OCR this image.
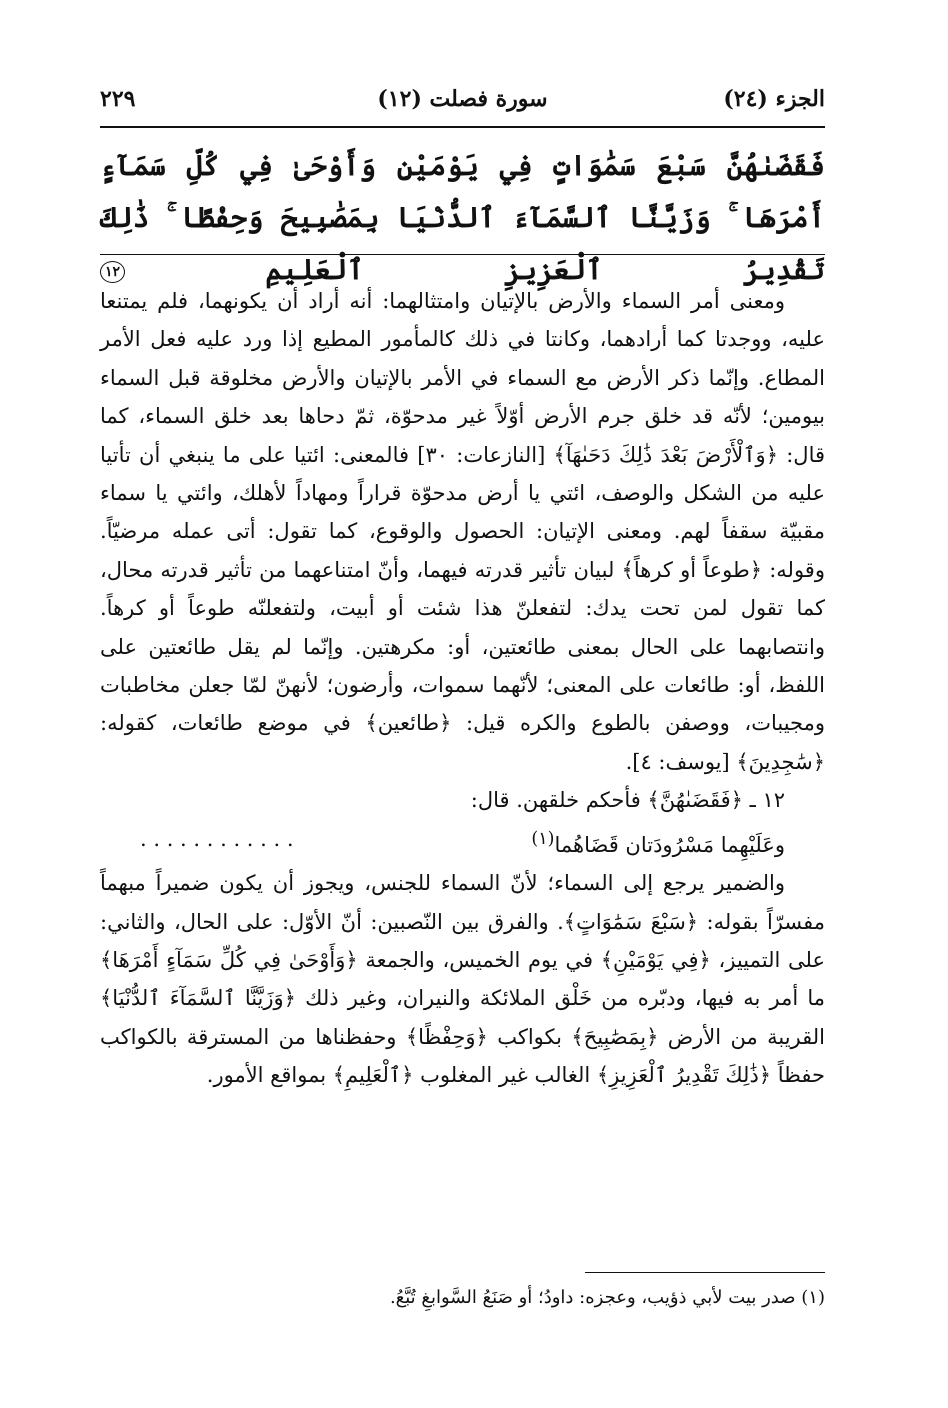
الجزء (٢٤)
سورة فصلت (١٢)
٢٢٩
فَقَضَىٰهُنَّ سَبْعَ سَمَٰوَاتٍ فِي يَوْمَيْنِ وَأَوْحَىٰ فِي كُلِّ سَمَآءٍ أَمْرَهَا ۚ وَزَيَّنَّا ٱلسَّمَآءَ ٱلدُّنْيَا بِمَصَٰبِيحَ وَحِفْظًا ۚ ذَٰلِكَ تَقْدِيرُ ٱلْعَزِيزِ ٱلْعَلِيمِ ١٢

ومعنى أمر السماء والأرض بالإتيان وامتثالهما: أنه أراد أن يكونهما، فلم يمتنعا عليه، ووجدتا كما أرادهما، وكانتا في ذلك كالمأمور المطيع إذا ورد عليه فعل الأمر المطاع. وإنّما ذكر الأرض مع السماء في الأمر بالإتيان والأرض مخلوقة قبل السماء بيومين؛ لأنّه قد خلق جرم الأرض أوّلاً غير مدحوّة، ثمّ دحاها بعد خلق السماء، كما قال: ﴿وَٱلْأَرْضَ بَعْدَ ذَٰلِكَ دَحَىٰهَآ﴾ [النازعات: ٣٠] فالمعنى: ائتيا على ما ينبغي أن تأتيا عليه من الشكل والوصف، ائتي يا أرض مدحوّة قراراً ومهاداً لأهلك، وائتي يا سماء مقبيّة سقفاً لهم. ومعنى الإتيان: الحصول والوقوع، كما تقول: أتى عمله مرضيّاً. وقوله: ﴿طوعاً أو كرهاً﴾ لبيان تأثير قدرته فيهما، وأنّ امتناعهما من تأثير قدرته محال، كما تقول لمن تحت يدك: لتفعلنّ هذا شئت أو أبيت، ولتفعلنّه طوعاً أو كرهاً. وانتصابهما على الحال بمعنى طائعتين، أو: مكرهتين. وإنّما لم يقل طائعتين على اللفظ، أو: طائعات على المعنى؛ لأنّهما سموات، وأرضون؛ لأنهنّ لمّا جعلن مخاطبات ومجيبات، ووصفن بالطوع والكره قيل: ﴿طائعين﴾ في موضع طائعات، كقوله: ﴿سَٰجِدِينَ﴾ [يوسف: ٤].

١٢ ـ ﴿فَقَضَىٰهُنَّ﴾ فأحكم خلقهن. قال:

وعَلَيْهِما مَسْرُودَتان قَضَاهُما$^{(١)}$
. . . . . . . . . . . .

والضمير يرجع إلى السماء؛ لأنّ السماء للجنس، ويجوز أن يكون ضميراً مبهماً مفسرّاً بقوله: ﴿سَبْعَ سَمَٰوَاتٍ﴾. والفرق بين النّصبين: أنّ الأوّل: على الحال، والثاني: على التمييز، ﴿فِي يَوْمَيْنِ﴾ في يوم الخميس، والجمعة ﴿وَأَوْحَىٰ فِي كُلِّ سَمَآءٍ أَمْرَهَا﴾ ما أمر به فيها، ودبّره من خَلْق الملائكة والنيران، وغير ذلك ﴿وَزَيَّنَّا ٱلسَّمَآءَ ٱلدُّنْيَا﴾ القريبة من الأرض ﴿بِمَصَٰبِيحَ﴾ بكواكب ﴿وَحِفْظًا﴾ وحفظناها من المسترقة بالكواكب حفظاً ﴿ذَٰلِكَ تَقْدِيرُ ٱلْعَزِيزِ﴾ الغالب غير المغلوب ﴿ٱلْعَلِيمِ﴾ بمواقع الأمور.

(١) صدر بيت لأبي ذؤيب، وعجزه: داودُ؛ أو صَنَعُ السَّوابغِ تُبَّعُ.
